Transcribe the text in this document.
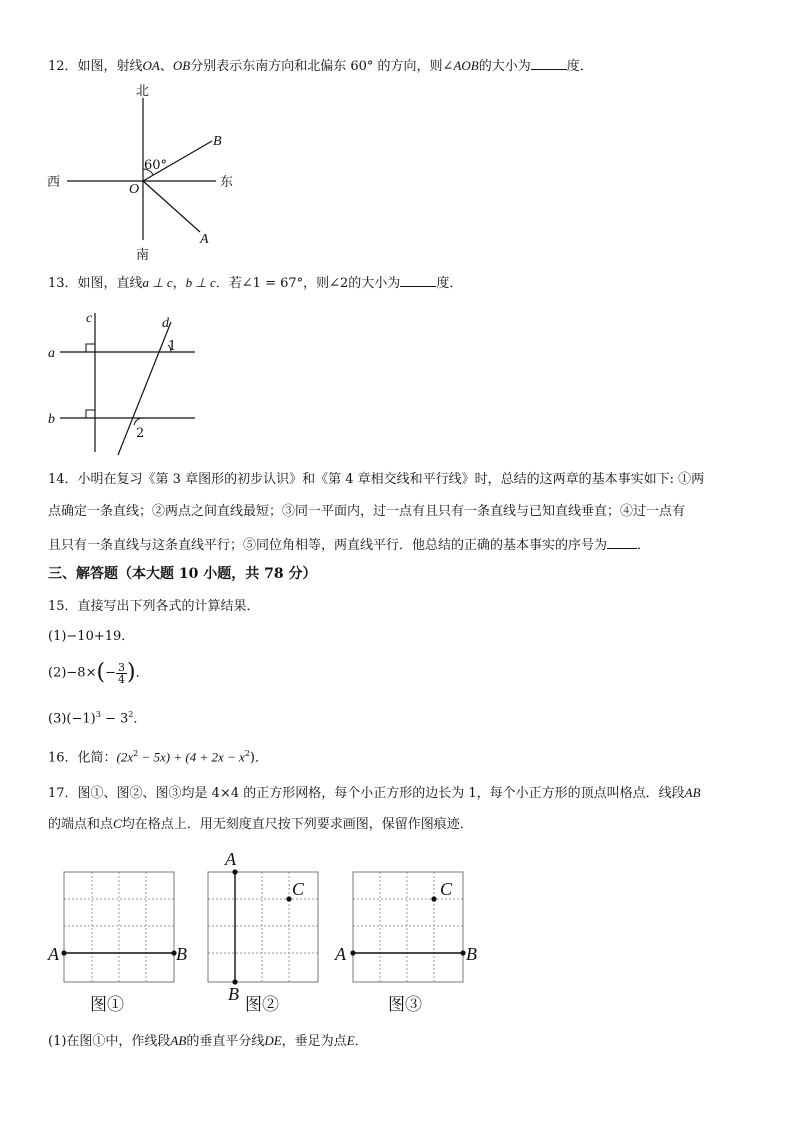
12．如图，射线OA、OB分别表示东南方向和北偏东 60° 的方向，则∠AOB的大小为	度．
北
南
西	东
60°
O
B
A
13．如图，直线a ⊥ c，b ⊥ c．若∠1 = 67°，则∠2的大小为	度．
c	d
a
b
1
2
14．小明在复习《第 3 章图形的初步认识》和《第 4 章相交线和平行线》时，总结的这两章的基本事实如下: ①两
点确定一条直线；②两点之间直线最短；③同一平面内，过一点有且只有一条直线与已知直线垂直；④过一点有
且只有一条直线与这条直线平行；⑤同位角相等，两直线平行．他总结的正确的基本事实的序号为 ．
三、解答题（本大题 10 小题，共 78 分）
15．直接写出下列各式的计算结果．
(1)−10+19．
$(2)-8\times(- \frac{3}{4}$ )．
$(3)(-1)^3 - 3^2$．
16．化简：$(2x^2 - 5x) + (4 + 2x - x^2)$．
17．图①、图②、图③均是 4×4 的正方形网格，每个小正方形的边长为 1，每个小正方形的顶点叫格点．线段AB
的端点和点C均在格点上．用无刻度直尺按下列要求画图，保留作图痕迹．
A	B
图①
A
B
C
图②
A	B
C
图③
(1)在图①中，作线段AB的垂直平分线DE，垂足为点E．
